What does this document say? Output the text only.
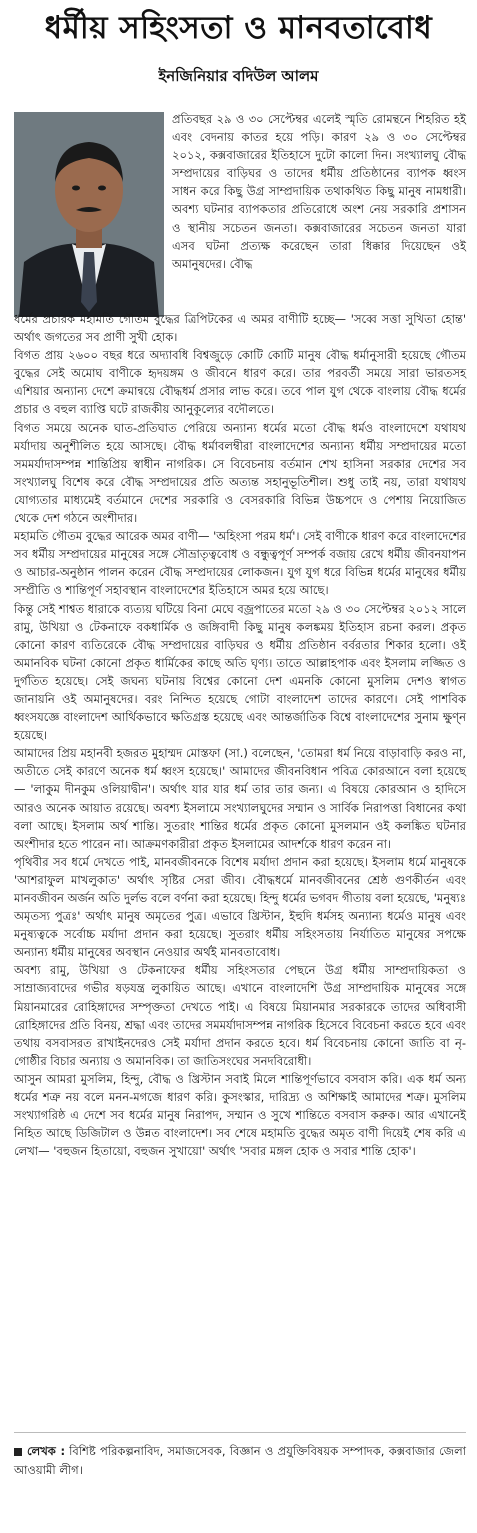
ধর্মীয় সহিংসতা ও মানবতাবোধ
ইনজিনিয়ার বদিউল আলম

প্রতিবছর ২৯ ও ৩০ সেপ্টেম্বর এলেই স্মৃতি রোমন্থনে শিহরিত হই এবং বেদনায় কাতর হয়ে পড়ি। কারণ ২৯ ও ৩০ সেপ্টেম্বর ২০১২, কক্সবাজারের ইতিহাসে দুটো কালো দিন। সংখ্যালঘু বৌদ্ধ সম্প্রদায়ের বাড়িঘর ও তাদের ধর্মীয় প্রতিষ্ঠানের ব্যাপক ধ্বংস সাধন করে কিছু উগ্র সাম্প্রদায়িক তথাকথিত কিছু মানুষ নামধারী। অবশ্য ঘটনার ব্যাপকতার প্রতিরোধে অংশ নেয় সরকারি প্রশাসন ও স্থানীয় সচেতন জনতা। কক্সবাজারের সচেতন জনতা যারা এসব ঘটনা প্রত্যক্ষ করেছেন তারা ধিক্কার দিয়েছেন ওই অমানুষদের। বৌদ্ধ

ধর্মের প্রচারক মহামতি গৌতম বুদ্ধের ত্রিপিটকের এ অমর বাণীটি হচ্ছে— 'সব্বে সত্তা সুখিতা হোন্ত' অর্থাৎ জগতের সব প্রাণী সুখী হোক।

বিগত প্রায় ২৬০০ বছর ধরে অদ্যাবধি বিশ্বজুড়ে কোটি কোটি মানুষ বৌদ্ধ ধর্মানুসারী হয়েছে গৌতম বুদ্ধের সেই অমোঘ বাণীকে হৃদয়ঙ্গম ও জীবনে ধারণ করে। তার পরবর্তী সময়ে সারা ভারতসহ এশিয়ার অন্যান্য দেশে ক্রমান্বয়ে বৌদ্ধধর্ম প্রসার লাভ করে। তবে পাল যুগ থেকে বাংলায় বৌদ্ধ ধর্মের প্রচার ও বহুল ব্যাপ্তি ঘটে রাজকীয় আনুকূল্যের বদৌলতে।

বিগত সময়ে অনেক ঘাত-প্রতিঘাত পেরিয়ে অন্যান্য ধর্মের মতো বৌদ্ধ ধর্মও বাংলাদেশে যথাযথ মর্যাদায় অনুশীলিত হয়ে আসছে। বৌদ্ধ ধর্মাবলম্বীরা বাংলাদেশের অন্যান্য ধর্মীয় সম্প্রদায়ের মতো সমমর্যাদাসম্পন্ন শান্তিপ্রিয় স্বাধীন নাগরিক। সে বিবেচনায় বর্তমান শেখ হাসিনা সরকার দেশের সব সংখ্যালঘু বিশেষ করে বৌদ্ধ সম্প্রদায়ের প্রতি অত্যন্ত সহানুভূতিশীল। শুধু তাই নয়, তারা যথাযথ যোগ্যতার মাধ্যমেই বর্তমানে দেশের সরকারি ও বেসরকারি বিভিন্ন উচ্চপদে ও পেশায় নিয়োজিত থেকে দেশ গঠনে অংশীদার।

মহামতি গৌতম বুদ্ধের আরেক অমর বাণী— 'অহিংসা পরম ধর্ম'। সেই বাণীকে ধারণ করে বাংলাদেশের সব ধর্মীয় সম্প্রদায়ের মানুষের সঙ্গে সৌভ্রাতৃত্ববোধ ও বন্ধুত্বপূর্ণ সম্পর্ক বজায় রেখে ধর্মীয় জীবনযাপন ও আচার-অনুষ্ঠান পালন করেন বৌদ্ধ সম্প্রদায়ের লোকজন। যুগ যুগ ধরে বিভিন্ন ধর্মের মানুষের ধর্মীয় সম্প্রীতি ও শান্তিপূর্ণ সহাবস্থান বাংলাদেশের ইতিহাসে অমর হয়ে আছে।

কিন্তু সেই শাশ্বত ধারাকে ব্যত্যয় ঘটিয়ে বিনা মেঘে বজ্রপাতের মতো ২৯ ও ৩০ সেপ্টেম্বর ২০১২ সালে রামু, উখিয়া ও টেকনাফে বকধার্মিক ও জঙ্গিবাদী কিছু মানুষ কলঙ্কময় ইতিহাস রচনা করল। প্রকৃত কোনো কারণ ব্যতিরেকে বৌদ্ধ সম্প্রদায়ের বাড়িঘর ও ধর্মীয় প্রতিষ্ঠান বর্বরতার শিকার হলো। ওই অমানবিক ঘটনা কোনো প্রকৃত ধার্মিকের কাছে অতি ঘৃণ্য। তাতে আল্লাহপাক এবং ইসলাম লজ্জিত ও দুর্গতিত হয়েছে। সেই জঘন্য ঘটনায় বিশ্বের কোনো দেশ এমনকি কোনো মুসলিম দেশও স্বাগত জানায়নি ওই অমানুষদের। বরং নিন্দিত হয়েছে গোটা বাংলাদেশ তাদের কারণে। সেই পাশবিক ধ্বংসযজ্ঞে বাংলাদেশ আর্থিকভাবে ক্ষতিগ্রস্ত হয়েছে এবং আন্তর্জাতিক বিশ্বে বাংলাদেশের সুনাম ক্ষুণ্ন হয়েছে।

আমাদের প্রিয় মহানবী হজরত মুহাম্মদ মোস্তফা (সা.) বলেছেন, 'তোমরা ধর্ম নিয়ে বাড়াবাড়ি করও না, অতীতে সেই কারণে অনেক ধর্ম ধ্বংস হয়েছে।' আমাদের জীবনবিধান পবিত্র কোরআনে বলা হয়েছে— 'লাকুম দীনকুম ওলিয়াদ্বীন'। অর্থাৎ যার যার ধর্ম তার তার জন্য। এ বিষয়ে কোরআন ও হাদিসে আরও অনেক আয়াত রয়েছে। অবশ্য ইসলামে সংখ্যালঘুদের সম্মান ও সার্বিক নিরাপত্তা বিধানের কথা বলা আছে। ইসলাম অর্থ শান্তি। সুতরাং শান্তির ধর্মের প্রকৃত কোনো মুসলমান ওই কলঙ্কিত ঘটনার অংশীদার হতে পারেন না। আক্রমণকারীরা প্রকৃত ইসলামের আদর্শকে ধারণ করেন না।

পৃথিবীর সব ধর্মে দেখতে পাই, মানবজীবনকে বিশেষ মর্যাদা প্রদান করা হয়েছে। ইসলাম ধর্মে মানুষকে 'আশরাফুল মাখলুকাত' অর্থাৎ সৃষ্টির সেরা জীব। বৌদ্ধধর্মে মানবজীবনের শ্রেষ্ঠ গুণকীর্তন এবং মানবজীবন অর্জন অতি দুর্লভ বলে বর্ণনা করা হয়েছে। হিন্দু ধর্মের ভগবদ গীতায় বলা হয়েছে, 'মনুষ্যঃ অমৃতস্য পুত্রঃ' অর্থাৎ মানুষ অমৃতের পুত্র। এভাবে খ্রিস্টান, ইহুদি ধর্মসহ অন্যান্য ধর্মেও মানুষ এবং মনুষ্যত্বকে সর্বোচ্চ মর্যাদা প্রদান করা হয়েছে। সুতরাং ধর্মীয় সহিংসতায় নির্যাতিত মানুষের সপক্ষে অন্যান্য ধর্মীয় মানুষের অবস্থান নেওয়ার অর্থই মানবতাবোধ।

অবশ্য রামু, উখিয়া ও টেকনাফের ধর্মীয় সহিংসতার পেছনে উগ্র ধর্মীয় সাম্প্রদায়িকতা ও সাম্রাজ্যবাদের গভীর ষড়যন্ত্র লুকায়িত আছে। এখানে বাংলাদেশি উগ্র সাম্প্রদায়িক মানুষের সঙ্গে মিয়ানমারের রোহিঙ্গাদের সম্পৃক্ততা দেখতে পাই। এ বিষয়ে মিয়ানমার সরকারকে তাদের অধিবাসী রোহিঙ্গাদের প্রতি বিনয়, শ্রদ্ধা এবং তাদের সমমর্যাদাসম্পন্ন নাগরিক হিসেবে বিবেচনা করতে হবে এবং তথায় বসবাসরত রাখাইনদেরও সেই মর্যাদা প্রদান করতে হবে। ধর্ম বিবেচনায় কোনো জাতি বা নৃ-গোষ্ঠীর বিচার অন্যায় ও অমানবিক। তা জাতিসংঘের সনদবিরোধী।

আসুন আমরা মুসলিম, হিন্দু, বৌদ্ধ ও খ্রিস্টান সবাই মিলে শান্তিপূর্ণভাবে বসবাস করি। এক ধর্ম অন্য ধর্মের শত্রু নয় বলে মনন-মগজে ধারণ করি। কুসংস্কার, দারিদ্র্য ও অশিক্ষাই আমাদের শত্রু। মুসলিম সংখ্যাগরিষ্ঠ এ দেশে সব ধর্মের মানুষ নিরাপদ, সম্মান ও সুখে শান্তিতে বসবাস করুক। আর এখানেই নিহিত আছে ডিজিটাল ও উন্নত বাংলাদেশ। সব শেষে মহামতি বুদ্ধের অমৃত বাণী দিয়েই শেষ করি এ লেখা— 'বহুজন হিতায়ো, বহুজন সুখায়ো' অর্থাৎ 'সবার মঙ্গল হোক ও সবার শান্তি হোক'।

লেখক : বিশিষ্ট পরিকল্পনাবিদ, সমাজসেবক, বিজ্ঞান ও প্রযুক্তিবিষয়ক সম্পাদক, কক্সবাজার জেলা আওয়ামী লীগ।
